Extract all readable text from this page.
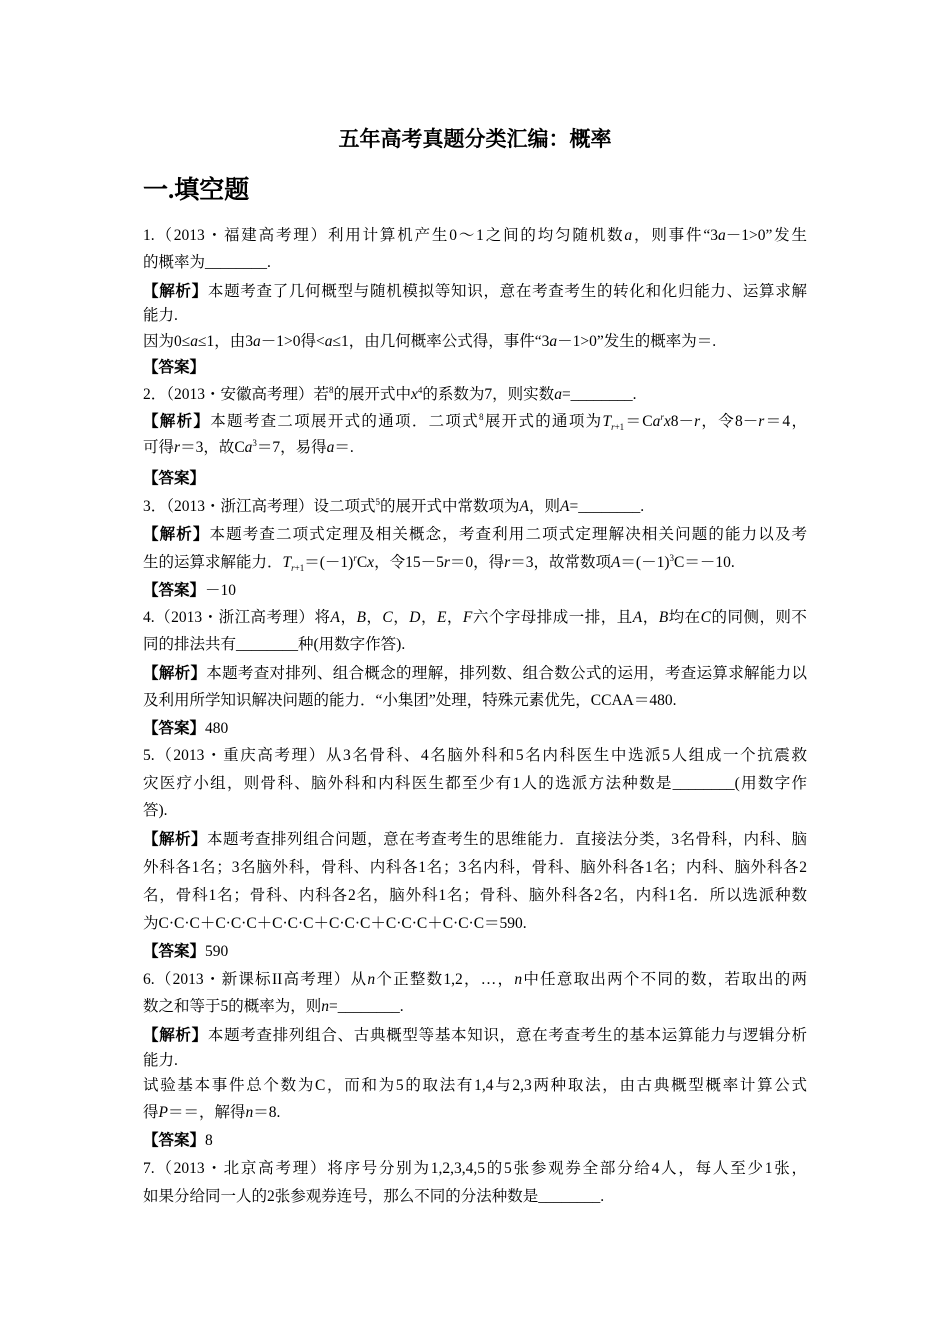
五年高考真题分类汇编：概率
一.填空题
1.（2013・福建高考理）利用计算机产生0～1之间的均匀随机数a，则事件“3a－1>0”发生
的概率为________.
【解析】本题考查了几何概型与随机模拟等知识，意在考查考生的转化和化归能力、运算求解
能力.
因为0≤a≤1，由3a－1>0得<a≤1，由几何概率公式得，事件“3a－1>0”发生的概率为＝.
【答案】
2．（2013・安徽高考理）若$^8$的展开式中$x^4$的系数为7，则实数a=________.
【解析】本题考查二项展开式的通项．二项式$^8$展开式的通项为$T_{r+1}=Ca^rx8-r$，令8－r＝4，
可得r＝3，故$Ca^3=7$，易得a＝.
【答案】
3．（2013・浙江高考理）设二项式$^5$的展开式中常数项为A，则A=________.
【解析】本题考查二项式定理及相关概念，考查利用二项式定理解决相关问题的能力以及考
生的运算求解能力．$T_{r+1}=(-1)^rCx$，令15－5r＝0，得r＝3，故常数项$A=(-1)^3C=-10$.
【答案】－10
4.（2013・浙江高考理）将A，B，C，D，E，F六个字母排成一排，且A，B均在C的同侧，则不
同的排法共有________种(用数字作答).
【解析】本题考查对排列、组合概念的理解，排列数、组合数公式的运用，考查运算求解能力以
及利用所学知识解决问题的能力．“小集团”处理，特殊元素优先，CCAA＝480.
【答案】480
5.（2013・重庆高考理）从3名骨科、4名脑外科和5名内科医生中选派5人组成一个抗震救
灾医疗小组，则骨科、脑外科和内科医生都至少有1人的选派方法种数是________(用数字作
答).
【解析】本题考查排列组合问题，意在考查考生的思维能力．直接法分类，3名骨科，内科、脑
外科各1名；3名脑外科，骨科、内科各1名；3名内科，骨科、脑外科各1名；内科、脑外科各2
名，骨科1名；骨科、内科各2名，脑外科1名；骨科、脑外科各2名，内科1名．所以选派种数
为C·C·C＋C·C·C＋C·C·C＋C·C·C＋C·C·C＋C·C·C＝590.
【答案】590
6.（2013・新课标II高考理）从n个正整数1,2，…，n中任意取出两个不同的数，若取出的两
数之和等于5的概率为，则n=________.
【解析】本题考查排列组合、古典概型等基本知识，意在考查考生的基本运算能力与逻辑分析
能力.
试验基本事件总个数为C，而和为5的取法有1,4与2,3两种取法，由古典概型概率计算公式
得P＝＝，解得n＝8.
【答案】8
7.（2013・北京高考理）将序号分别为1,2,3,4,5的5张参观券全部分给4人，每人至少1张，
如果分给同一人的2张参观券连号，那么不同的分法种数是________.
